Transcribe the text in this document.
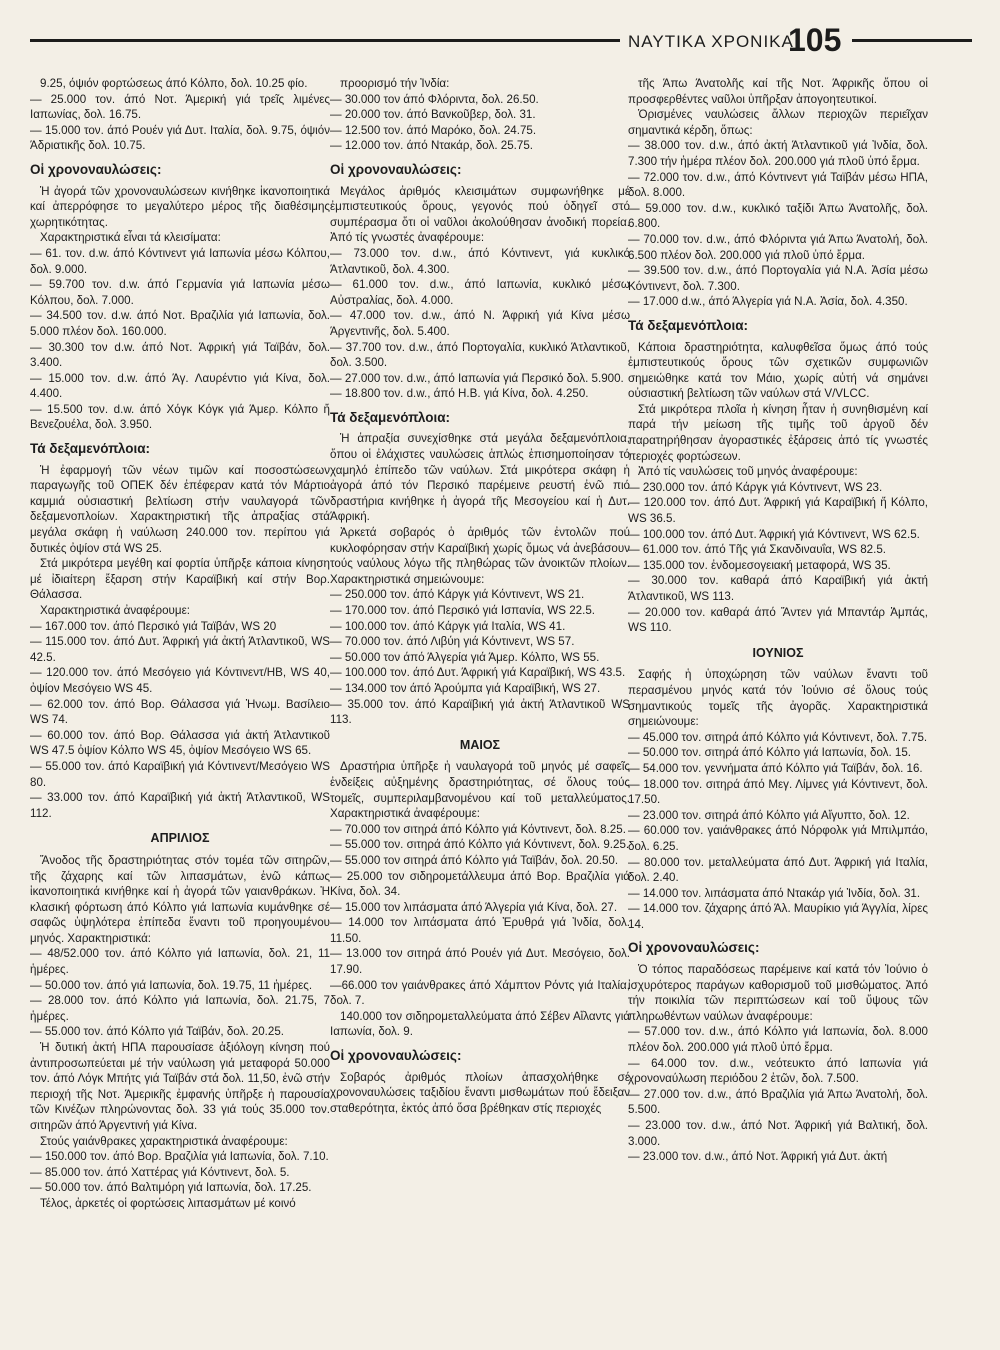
ΝΑΥΤΙΚΑ ΧΡΟΝΙΚΑ
105

9.25, όψιόν φορτώσεως άπό Κόλπο, δολ. 10.25 φίο.

— 25.000 τον. άπό Νοτ. Άμερική γιά τρεῖς λιμένες Ιαπωνίας, δολ. 16.75.

— 15.000 τον. άπό Ρουέν γιά Δυτ. Ιταλία, δολ. 9.75, όψιόν Άδριατικῆς δολ. 10.75.

Οἱ χρονοναυλώσεις:

Ἡ ἀγορά τῶν χρονοναυλώσεων κινήθηκε ἱκανοποιητικά καί ἀπερρόφησε το μεγαλύτερο μέρος τῆς διαθέσιμης χωρητικότητας.

Χαρακτηριστικά εἶναι τά κλεισίματα:

— 61. τον. d.w. άπό Κόντινεντ γιά Ιαπωνία μέσω Κόλπου, δολ. 9.000.

— 59.700 τον. d.w. άπό Γερμανία γιά Ιαπωνία μέσω Κόλπου, δολ. 7.000.

— 34.500 τον. d.w. άπό Νοτ. Βραζιλία γιά Ιαπωνία, δολ. 5.000 πλέον δολ. 160.000.

— 30.300 τον d.w. άπό Νοτ. Άφρική γιά Ταϊβάν, δολ. 3.400.

— 15.000 τον. d.w. άπό Άγ. Λαυρέντιο γιά Κίνα, δολ. 4.400.

— 15.500 τον. d.w. άπό Χόγκ Κόγκ γιά Άμερ. Κόλπο ἤ Βενεζουέλα, δολ. 3.950.

Τά δεξαμενόπλοια:

Ἡ ἐφαρμογή τῶν νέων τιμῶν καί ποσοστώσεων παραγωγῆς τοῦ ΟΠΕΚ δέν ἐπέφεραν κατά τόν Μάρτιο καμμιά οὐσιαστική βελτίωση στήν ναυλαγορά τῶν δεξαμενοπλοίων. Χαρακτηριστική τῆς ἀπραξίας στά μεγάλα σκάφη ἡ ναύλωση 240.000 τον. περίπου γιά δυτικές ὀψίον στά WS 25.

Στά μικρότερα μεγέθη καί φορτία ὑπῆρξε κάποια κίνηση μέ ἰδιαίτερη ἔξαρση στήν Καραϊβική καί στήν Βορ. Θάλασσα.

Χαρακτηριστικά ἀναφέρουμε:

— 167.000 τον. άπό Περσικό γιά Ταϊβάν, WS 20

— 115.000 τον. άπό Δυτ. Άφρική γιά ἀκτή Άτλαντικοῦ, WS 42.5.

— 120.000 τον. άπό Μεσόγειο γιά Κόντινεντ/ΗΒ, WS 40, ὀψίον Μεσόγειο WS 45.

— 62.000 τον. άπό Βορ. Θάλασσα γιά Ἡνωμ. Βασίλειο WS 74.

— 60.000 τον. άπό Βορ. Θάλασσα γιά ἀκτή Άτλαντικοῦ WS 47.5 ὀψίον Κόλπο WS 45, ὀψίον Μεσόγειο WS 65.

— 55.000 τον. άπό Καραϊβική γιά Κόντινεντ/Μεσόγειο WS 80.

— 33.000 τον. άπό Καραϊβική γιά ἀκτή Άτλαντικοῦ, WS 112.

ΑΠΡΙΛΙΟΣ

Ἄνοδος τῆς δραστηριότητας στόν τομέα τῶν σιτηρῶν, τῆς ζάχαρης καί τῶν λιπασμάτων, ἐνῶ κάπως ἱκανοποιητικά κινήθηκε καί ἡ ἀγορά τῶν γαιανθράκων. Ἡ κλασική φόρτωση άπό Κόλπο γιά Ιαπωνία κυμάνθηκε σέ σαφῶς ὑψηλότερα ἐπίπεδα ἔναντι τοῦ προηγουμένου μηνός. Χαρακτηριστικά:

— 48/52.000 τον. άπό Κόλπο γιά Ιαπωνία, δολ. 21, 11 ἡμέρες.

— 50.000 τον. άπό γιά Ιαπωνία, δολ. 19.75, 11 ἡμέρες.

— 28.000 τον. άπό Κόλπο γιά Ιαπωνία, δολ. 21.75, 7 ἡμέρες.

— 55.000 τον. άπό Κόλπο γιά Ταϊβάν, δολ. 20.25.

Ἡ δυτική ἀκτή ΗΠΑ παρουσίασε ἀξιόλογη κίνηση πού ἀντιπροσωπεύεται μέ τήν ναύλωση γιά μεταφορά 50.000 τον. άπό Λόγκ Μπήτς γιά Ταϊβάν στά δολ. 11,50, ἐνῶ στήν περιοχή τῆς Νοτ. Άμερικῆς ἐμφανής ὑπῆρξε ἡ παρουσία τῶν Κινέζων πληρώνοντας δολ. 33 γιά τούς 35.000 τον. σιτηρῶν άπό Άργεντινή γιά Κίνα.

Στούς γαιάνθρακες χαρακτηριστικά ἀναφέρουμε:

— 150.000 τον. άπό Βορ. Βραζιλία γιά Ιαπωνία, δολ. 7.10.

— 85.000 τον. άπό Χαττέρας γιά Κόντινεντ, δολ. 5.

— 50.000 τον. άπό Βαλτιμόρη γιά Ιαπωνία, δολ. 17.25.

Τέλος, ἀρκετές οἱ φορτώσεις λιπασμάτων μέ κοινό

προορισμό τήν Ἰνδία:

— 30.000 τον άπό Φλόριντα, δολ. 26.50.

— 20.000 τον. άπό Βανκοῦβερ, δολ. 31.

— 12.500 τον. άπό Μαρόκο, δολ. 24.75.

— 12.000 τον. άπό Ντακάρ, δολ. 25.75.

Οἱ χρονοναυλώσεις:

Μεγάλος ἀριθμός κλεισιμάτων συμφωνήθηκε μέ ἐμπιστευτικούς ὅρους, γεγονός πού ὁδηγεῖ στό συμπέρασμα ὅτι οἱ ναῦλοι ἀκολούθησαν ἀνοδική πορεία. Ἀπό τίς γνωστές ἀναφέρουμε:

— 73.000 τον. d.w., άπό Κόντινεντ, γιά κυκλικό Άτλαντικοῦ, δολ. 4.300.

— 61.000 τον. d.w., άπό Ιαπωνία, κυκλικό μέσω Αὐστραλίας, δολ. 4.000.

— 47.000 τον. d.w., άπό Ν. Άφρική γιά Κίνα μέσω Άργεντινῆς, δολ. 5.400.

— 37.700 τον. d.w., άπό Πορτογαλία, κυκλικό Άτλαντικοῦ, δολ. 3.500.

— 27.000 τον. d.w., άπό Ιαπωνία γιά Περσικό δολ. 5.900.

— 18.800 τον. d.w., άπό Η.Β. γιά Κίνα, δολ. 4.250.

Τά δεξαμενόπλοια:

Ἡ ἀπραξία συνεχίσθηκε στά μεγάλα δεξαμενόπλοια, ὅπου οἱ ἐλάχιστες ναυλώσεις ἁπλώς ἐπισημοποίησαν τό χαμηλό ἐπίπεδο τῶν ναύλων. Στά μικρότερα σκάφη ἡ ἀγορά άπό τόν Περσικό παρέμεινε ρευστή ἐνῶ πιό δραστήρια κινήθηκε ἡ ἀγορά τῆς Μεσογείου καί ἡ Δυτ. Άφρική.

Ἀρκετά σοβαρός ὁ ἀριθμός τῶν ἐντολῶν πού κυκλοφόρησαν στήν Καραϊβική χωρίς ὅμως νά ἀνεβάσουν τούς ναύλους λόγω τῆς πληθώρας τῶν ἀνοικτῶν πλοίων. Χαρακτηριστικά σημειώνουμε:

— 250.000 τον. άπό Κάργκ γιά Κόντινεντ, WS 21.

— 170.000 τον. άπό Περσικό γιά Ισπανία, WS 22.5.

— 100.000 τον. άπό Κάργκ γιά Ιταλία, WS 41.

— 70.000 τον. άπό Λιβύη γιά Κόντινεντ, WS 57.

— 50.000 τον άπό Άλγερία γιά Άμερ. Κόλπο, WS 55.

— 100.000 τον. άπό Δυτ. Άφρική γιά Καραϊβική, WS 43.5.

— 134.000 τον άπό Ἀρούμπα γιά Καραϊβική, WS 27.

— 35.000 τον. άπό Καραϊβική γιά ἀκτή Άτλαντικοῦ WS 113.

ΜΑΙΟΣ

Δραστήρια ὑπῆρξε ἡ ναυλαγορά τοῦ μηνός μέ σαφεῖς ἐνδείξεις αὐξημένης δραστηριότητας, σέ ὅλους τούς τομεῖς, συμπεριλαμβανομένου καί τοῦ μεταλλεύματος. Χαρακτηριστικά ἀναφέρουμε:

— 70.000 τον σιτηρά άπό Κόλπο γιά Κόντινεντ, δολ. 8.25.

— 55.000 τον. σιτηρά άπό Κόλπο γιά Κόντινεντ, δολ. 9.25.

— 55.000 τον σιτηρά άπό Κόλπο γιά Ταϊβάν, δολ. 20.50.

— 25.000 τον σιδηρομετάλλευμα άπό Βορ. Βραζιλία γιά Κίνα, δολ. 34.

— 15.000 τον λιπάσματα άπό Άλγερία γιά Κίνα, δολ. 27.

— 14.000 τον λιπάσματα άπό Ἐρυθρά γιά Ἰνδία, δολ. 11.50.

— 13.000 τον σιτηρά άπό Ρουέν γιά Δυτ. Μεσόγειο, δολ. 17.90.

—66.000 τον γαιάνθρακες άπό Χάμπτον Ρόντς γιά Ιταλία, δολ. 7.

140.000 τον σιδηρομεταλλεύματα άπό Σέβεν Αἴλαντς γιά Ιαπωνία, δολ. 9.

Οἱ χρονοναυλώσεις:

Σοβαρός ἀριθμός πλοίων ἀπασχολήθηκε σέ χρονοναυλώσεις ταξιδίου ἔναντι μισθωμάτων πού ἔδειξαν σταθερότητα, ἐκτός ἀπό ὅσα βρέθηκαν στίς περιοχές

τῆς Άπω Άνατολῆς καί τῆς Νοτ. Άφρικῆς ὅπου οἱ προσφερθέντες ναῦλοι ὑπῆρξαν ἀπογοητευτικοί.

Ὁρισμένες ναυλώσεις ἄλλων περιοχῶν περιεῖχαν σημαντικά κέρδη, ὅπως:

— 38.000 τον. d.w., άπό ἀκτή Άτλαντικοῦ γιά Ἰνδία, δολ. 7.300 τήν ἡμέρα πλέον δολ. 200.000 γιά πλοῦ ὑπό ἔρμα.

— 72.000 τον. d.w., άπό Κόντινεντ γιά Ταϊβάν μέσω ΗΠΑ, δολ. 8.000.

— 59.000 τον. d.w., κυκλικό ταξίδι Άπω Άνατολῆς, δολ. 6.800.

— 70.000 τον. d.w., άπό Φλόριντα γιά Άπω Άνατολή, δολ. 6.500 πλέον δολ. 200.000 γιά πλοῦ ὑπό ἔρμα.

— 39.500 τον. d.w., άπό Πορτογαλία γιά Ν.Α. Ἀσία μέσω Κόντινεντ, δολ. 7.300.

— 17.000 d.w., άπό Άλγερία γιά Ν.Α. Ἀσία, δολ. 4.350.

Τά δεξαμενόπλοια:

Κάποια δραστηριότητα, καλυφθεῖσα ὅμως άπό τούς ἐμπιστευτικούς ὅρους τῶν σχετικῶν συμφωνιῶν σημειώθηκε κατά τον Μάιο, χωρίς αὐτή νά σημάνει οὐσιαστική βελτίωση τῶν ναύλων στά V/VLCC.

Στά μικρότερα πλοῖα ἡ κίνηση ἦταν ἡ συνηθισμένη καί παρά τήν μείωση τῆς τιμῆς τοῦ ἀργοῦ δέν παρατηρήθησαν ἀγοραστικές ἐξάρσεις ἀπό τίς γνωστές περιοχές φορτώσεων.

Ἀπό τίς ναυλώσεις τοῦ μηνός ἀναφέρουμε:

— 230.000 τον. άπό Κάργκ γιά Κόντινεντ, WS 23.

— 120.000 τον. άπό Δυτ. Άφρική γιά Καραϊβική ἤ Κόλπο, WS 36.5.

— 100.000 τον. άπό Δυτ. Άφρική γιά Κόντινεντ, WS 62.5.

— 61.000 τον. άπό Τῆς γιά Σκανδιναυΐα, WS 82.5.

— 135.000 τον. ἐνδομεσογειακή μεταφορά, WS 35.

— 30.000 τον. καθαρά άπό Καραϊβική γιά ἀκτή Άτλαντικοῦ, WS 113.

— 20.000 τον. καθαρά άπό Ἄντεν γιά Μπαντάρ Ἀμπάς, WS 110.

ΙΟΥΝΙΟΣ

Σαφής ἡ ὑποχώρηση τῶν ναύλων ἔναντι τοῦ περασμένου μηνός κατά τόν Ἰούνιο σέ ὅλους τούς σημαντικούς τομεῖς τῆς ἀγορᾶς. Χαρακτηριστικά σημειώνουμε:

— 45.000 τον. σιτηρά άπό Κόλπο γιά Κόντινεντ, δολ. 7.75.

— 50.000 τον. σιτηρά άπό Κόλπο γιά Ιαπωνία, δολ. 15.

— 54.000 τον. γεννήματα άπό Κόλπο γιά Ταϊβάν, δολ. 16.

— 18.000 τον. σιτηρά άπό Μεγ. Λίμνες γιά Κόντινεντ, δολ. 17.50.

— 23.000 τον. σιτηρά άπό Κόλπο γιά Αἴγυπτο, δολ. 12.

— 60.000 τον. γαιάνθρακες άπό Νόρφολκ γιά Μπιλμπάο, δολ. 6.25.

— 80.000 τον. μεταλλεύματα άπό Δυτ. Άφρική γιά Ιταλία, δολ. 2.40.

— 14.000 τον. λιπάσματα άπό Ντακάρ γιά Ἰνδία, δολ. 31.

— 14.000 τον. ζάχαρης άπό Άλ. Μαυρίκιο γιά Άγγλία, λίρες 14.

Οἱ χρονοναυλώσεις:

Ὁ τόπος παραδόσεως παρέμεινε καί κατά τόν Ἰούνιο ὁ ἰσχυρότερος παράγων καθορισμοῦ τοῦ μισθώματος. Ἀπό τήν ποικιλία τῶν περιπτώσεων καί τοῦ ὕψους τῶν πληρωθέντων ναύλων ἀναφέρουμε:

— 57.000 τον. d.w., άπό Κόλπο γιά Ιαπωνία, δολ. 8.000 πλέον δολ. 200.000 γιά πλοῦ ὑπό ἔρμα.

— 64.000 τον. d.w., νεότευκτο άπό Ιαπωνία γιά χρονοναύλωση περιόδου 2 ἐτῶν, δολ. 7.500.

— 27.000 τον. d.w., άπό Βραζιλία γιά Άπω Άνατολή, δολ. 5.500.

— 23.000 τον. d.w., άπό Νοτ. Άφρική γιά Βαλτική, δολ. 3.000.

— 23.000 τον. d.w., άπό Νοτ. Άφρική γιά Δυτ. ἀκτή
